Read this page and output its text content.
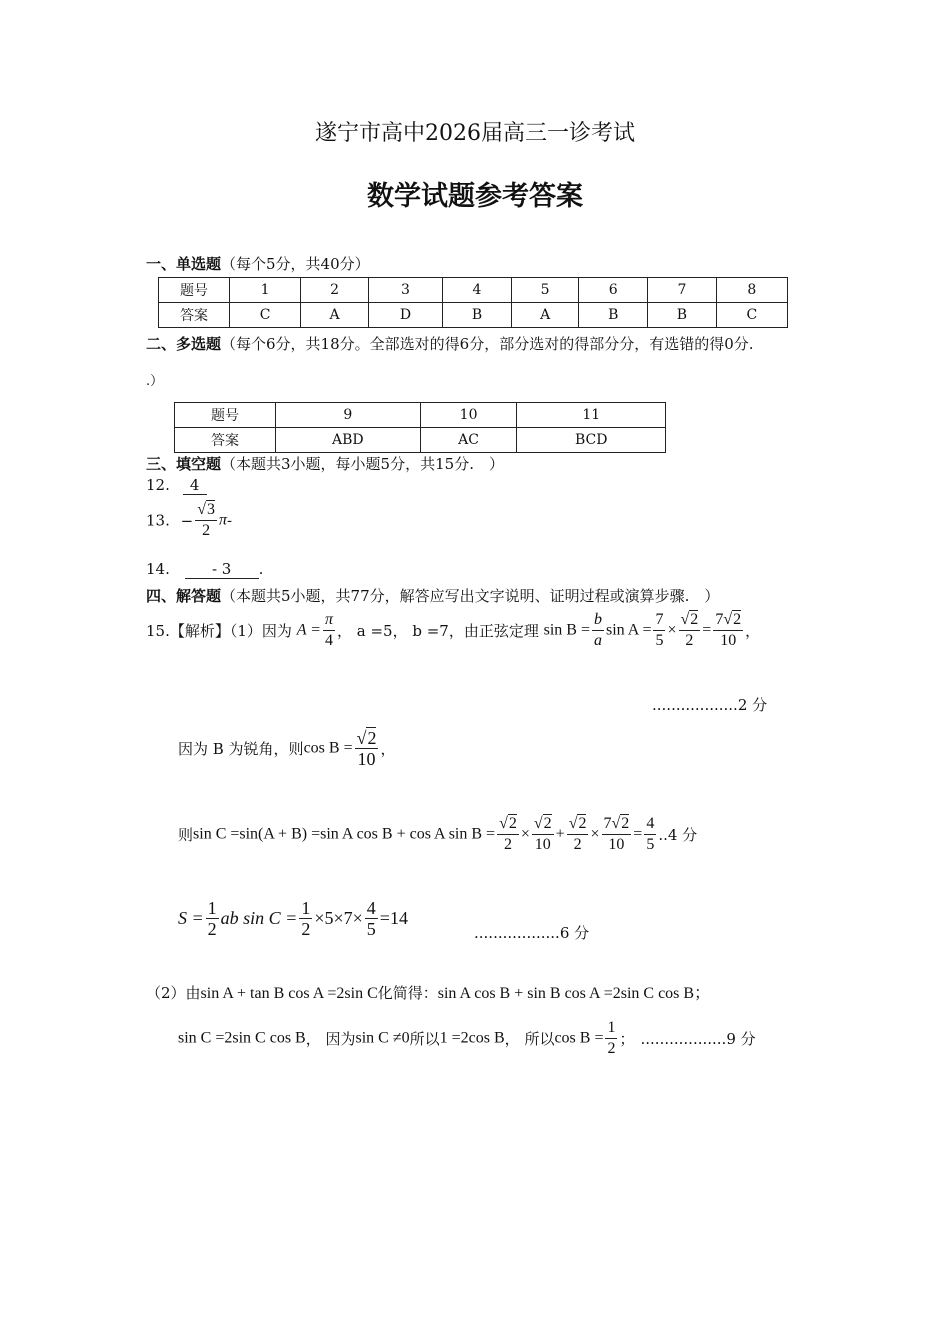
遂宁市高中2026届高三一诊考试
数学试题参考答案
一、单选题（每个5分，共40分）
题号	1	2	3	4	5	6	7	8
答案	C	A	D	B	A	B	B	C
二、多选题（每个6分，共18分。全部选对的得6分，部分选对的得部分分，有选错的得0分.
.）
题号	9	10	11
答案	ABD	AC	BCD
三、填空题（本题共3小题，每小题5分，共15分.　）
12. 4
13. − $\frac{√3}{2} \pi-$
14.	- 3 .
四、解答题（本题共5小题，共77分，解答应写出文字说明、证明过程或演算步骤.　）
15.【解析】（1）因为 $A = \frac{\pi}{4}$ ， a =5， b =7，由正弦定理 $\sin B = \frac{b}{a}$ $\sin A = \frac{7}{5} \times \frac{√2}{2} = \frac{7√2}{10}$ ，
..................2 分
因为 B 为锐角，则$\cos B = \frac{√2}{10}$ ，
则sin C =sin(A + B) =sin A cos B + cos A $\sin B = \frac{√2}{2} \times \frac{√2}{10} + \frac{√2}{2} \times \frac{7√2}{10} = \frac{4}{5} ..4$ 分
$S = \frac{1}{2}$ ab $\sin C = \frac{1}{2} \times 5\times 7\times \frac{4}{5} =14$
..................6 分
（2）由sin A + tan B cos A =2sin C化简得：sin A cos B + sin B cos A =2sin C cos B；
sin C =2sin C cos B， 因为sin C ≠0所以1 =2cos B， 所以$\cos B = \frac{1}{2}$ ； ..................9 分
